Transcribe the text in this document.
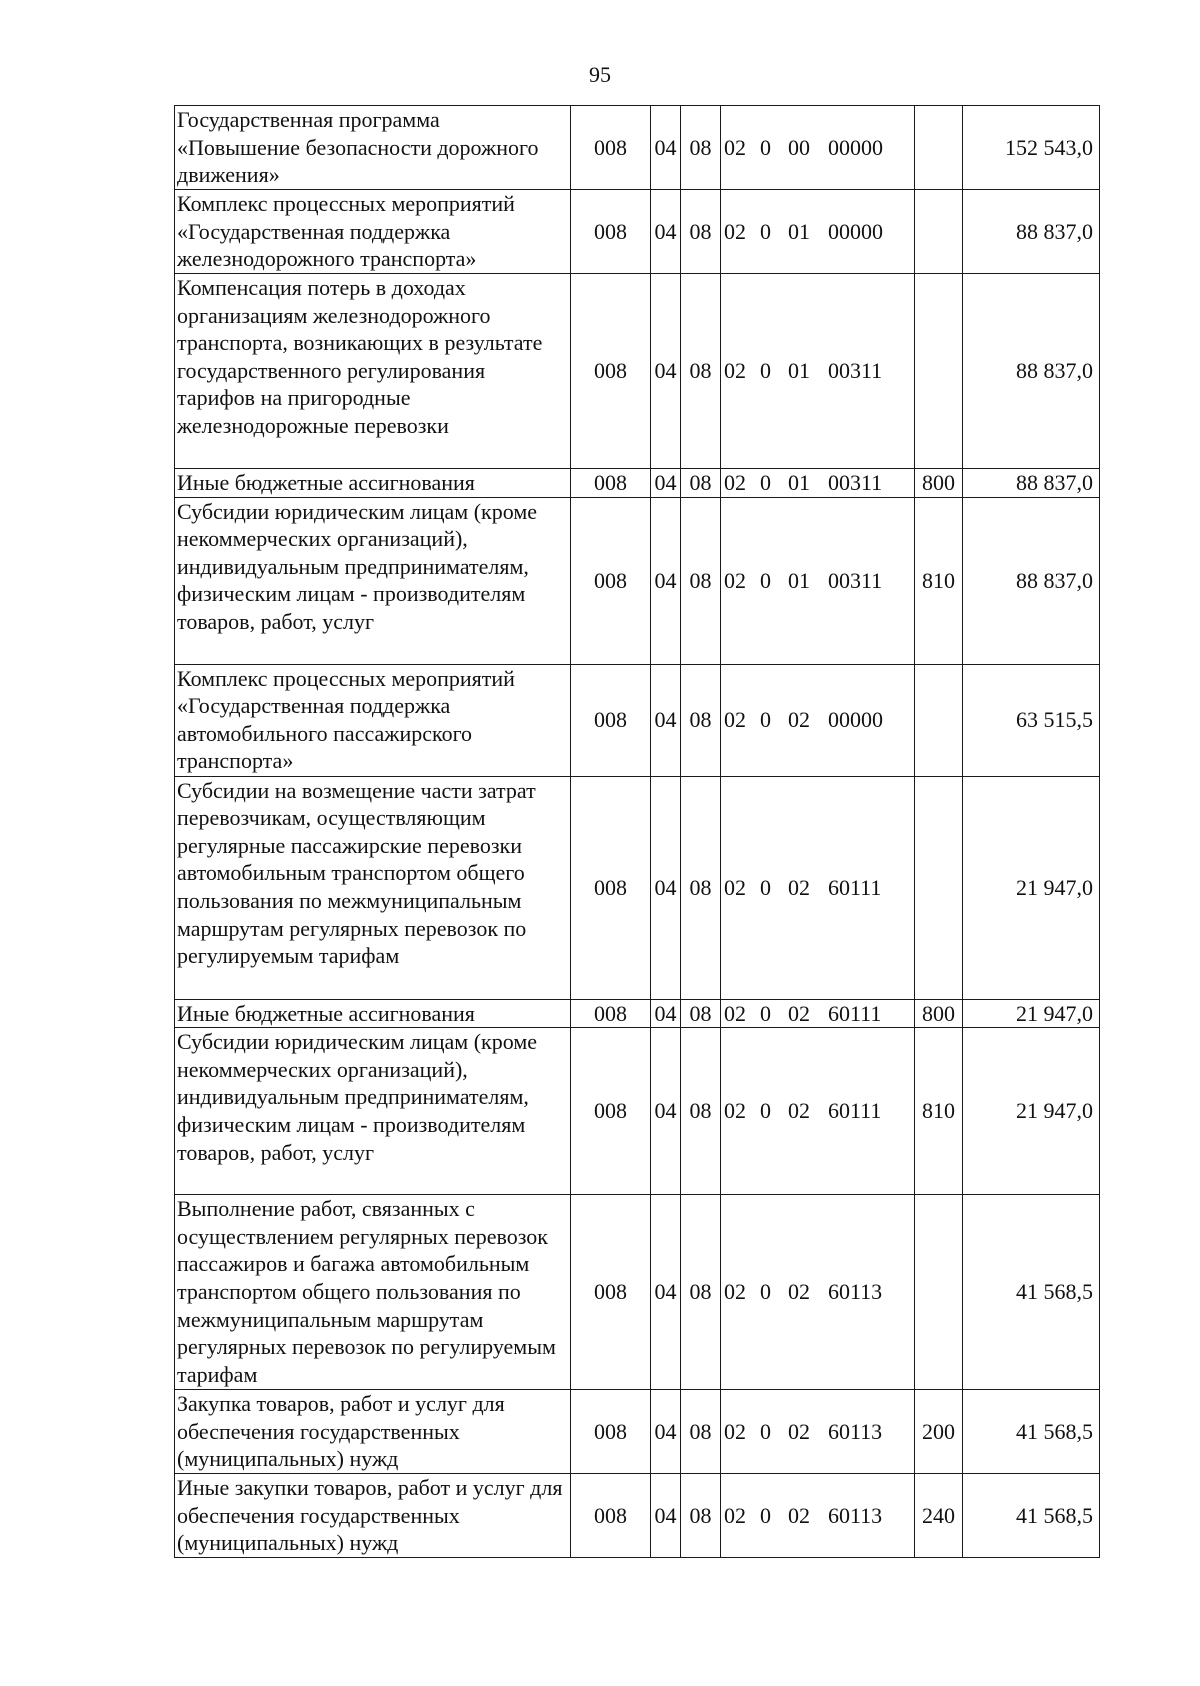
95
Государственная программа «Повышение безопасности дорожного движения»	008	04	08	02 0 00 00000		152 543,0
Комплекс процессных мероприятий «Государственная поддержка железнодорожного транспорта»	008	04	08	02 0 01 00000		88 837,0
Компенсация потерь в доходах организациям железнодорожного транспорта, возникающих в результате государственного регулирования тарифов на пригородные железнодорожные перевозки	008	04	08	02 0 01 00311		88 837,0
Иные бюджетные ассигнования	008	04	08	02 0 01 00311	800	88 837,0
Субсидии юридическим лицам (кроме некоммерческих организаций), индивидуальным предпринимателям, физическим лицам - производителям товаров, работ, услуг	008	04	08	02 0 01 00311	810	88 837,0
Комплекс процессных мероприятий «Государственная поддержка автомобильного пассажирского транспорта»	008	04	08	02 0 02 00000		63 515,5
Субсидии на возмещение части затрат перевозчикам, осуществляющим регулярные пассажирские перевозки автомобильным транспортом общего пользования по межмуниципальным маршрутам регулярных перевозок по регулируемым тарифам	008	04	08	02 0 02 60111		21 947,0
Иные бюджетные ассигнования	008	04	08	02 0 02 60111	800	21 947,0
Субсидии юридическим лицам (кроме некоммерческих организаций), индивидуальным предпринимателям, физическим лицам - производителям товаров, работ, услуг	008	04	08	02 0 02 60111	810	21 947,0
Выполнение работ, связанных с осуществлением регулярных перевозок пассажиров и багажа автомобильным транспортом общего пользования по межмуниципальным маршрутам регулярных перевозок по регулируемым тарифам	008	04	08	02 0 02 60113		41 568,5
Закупка товаров, работ и услуг для обеспечения государственных (муниципальных) нужд	008	04	08	02 0 02 60113	200	41 568,5
Иные закупки товаров, работ и услуг для обеспечения государственных (муниципальных) нужд	008	04	08	02 0 02 60113	240	41 568,5
